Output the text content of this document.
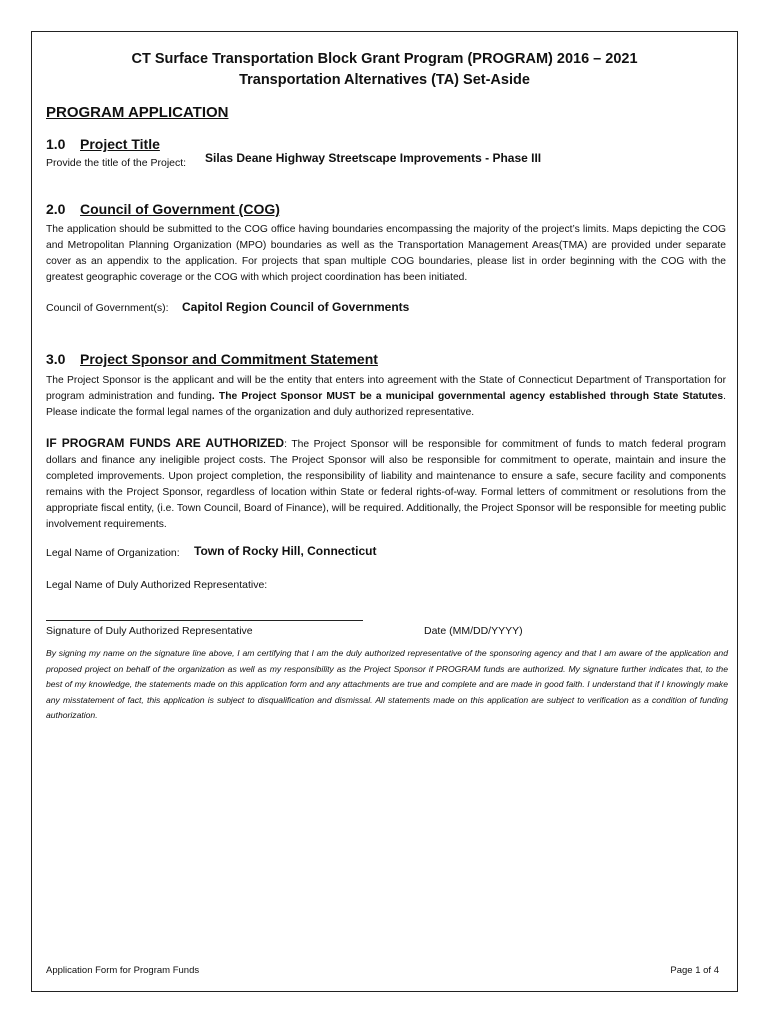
CT Surface Transportation Block Grant Program (PROGRAM) 2016 – 2021
Transportation Alternatives (TA) Set-Aside
PROGRAM APPLICATION
1.0 Project Title
Provide the title of the Project: Silas Deane Highway Streetscape Improvements - Phase III
2.0 Council of Government (COG)
The application should be submitted to the COG office having boundaries encompassing the majority of the project’s limits. Maps depicting the COG and Metropolitan Planning Organization (MPO) boundaries as well as the Transportation Management Areas(TMA) are provided under separate cover as an appendix to the application. For projects that span multiple COG boundaries, please list in order beginning with the COG with the greatest geographic coverage or the COG with which project coordination has been initiated.
Council of Government(s): Capitol Region Council of Governments
3.0 Project Sponsor and Commitment Statement
The Project Sponsor is the applicant and will be the entity that enters into agreement with the State of Connecticut Department of Transportation for program administration and funding. The Project Sponsor MUST be a municipal governmental agency established through State Statutes. Please indicate the formal legal names of the organization and duly authorized representative.
IF PROGRAM FUNDS ARE AUTHORIZED: The Project Sponsor will be responsible for commitment of funds to match federal program dollars and finance any ineligible project costs. The Project Sponsor will also be responsible for commitment to operate, maintain and insure the completed improvements. Upon project completion, the responsibility of liability and maintenance to ensure a safe, secure facility and components remains with the Project Sponsor, regardless of location within State or federal rights-of-way. Formal letters of commitment or resolutions from the appropriate fiscal entity, (i.e. Town Council, Board of Finance), will be required. Additionally, the Project Sponsor will be responsible for meeting public involvement requirements.
Legal Name of Organization: Town of Rocky Hill, Connecticut
Legal Name of Duly Authorized Representative:
Signature of Duly Authorized Representative	Date (MM/DD/YYYY)
By signing my name on the signature line above, I am certifying that I am the duly authorized representative of the sponsoring agency and that I am aware of the application and proposed project on behalf of the organization as well as my responsibility as the Project Sponsor if PROGRAM funds are authorized. My signature further indicates that, to the best of my knowledge, the statements made on this application form and any attachments are true and complete and are made in good faith. I understand that if I knowingly make any misstatement of fact, this application is subject to disqualification and dismissal. All statements made on this application are subject to verification as a condition of funding authorization.
Application Form for Program Funds	Page 1 of 4
